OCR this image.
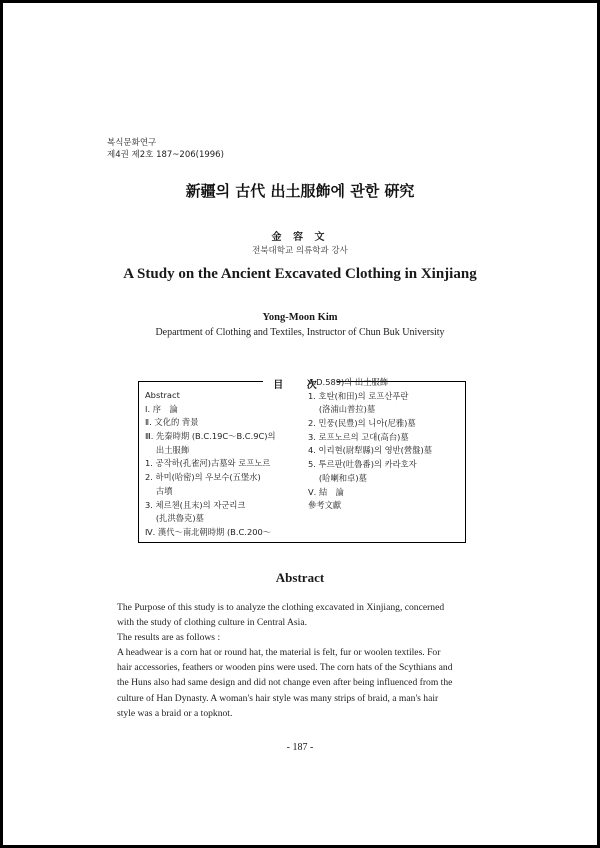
복식문화연구
제4권 제2호 187~206(1996)
新疆의 古代 出土服飾에 관한 硏究
金 容 文
전북대학교 의류학과 강사
A Study on the Ancient Excavated Clothing in Xinjiang
Yong-Moon Kim
Department of Clothing and Textiles, Instructor of Chun Buk University
目 次
Abstract
Ⅰ. 序　論
Ⅱ. 文化的 背景
Ⅲ. 先秦時期 (B.C.19C～B.C.9C)의
　 出土服飾
1. 공작하(孔雀河)古墓와 로프노르
2. 하미(哈密)의 우보수(五堡水)
　 古墳
3. 체르첸(且末)의 자군리크
　 (扎洪魯克)墓
Ⅳ. 漢代～南北朝時期 (B.C.200～
A.D.589)의 出土服飾
1. 호탄(和田)의 로프산푸란
　 (洛浦山普拉)墓
2. 민풍(民豊)의 니아(尼雅)墓
3. 로프노르의 고대(高台)墓
4. 이리현(尉犁縣)의 영반(營盤)墓
5. 투르판(吐魯番)의 카라호자
　 (哈喇和卓)墓
Ⅴ. 結　論
參考文獻
Abstract
The Purpose of this study is to analyze the clothing excavated in Xinjiang, concerned
with the study of clothing culture in Central Asia.
The results are as follows :
A headwear is a corn hat or round hat, the material is felt, fur or woolen textiles. For
hair accessories, feathers or wooden pins were used. The corn hats of the Scythians and
the Huns also had same design and did not change even after being influenced from the
culture of Han Dynasty. A woman's hair style was many strips of braid, a man's hair
style was a braid or a topknot.
- 187 -
